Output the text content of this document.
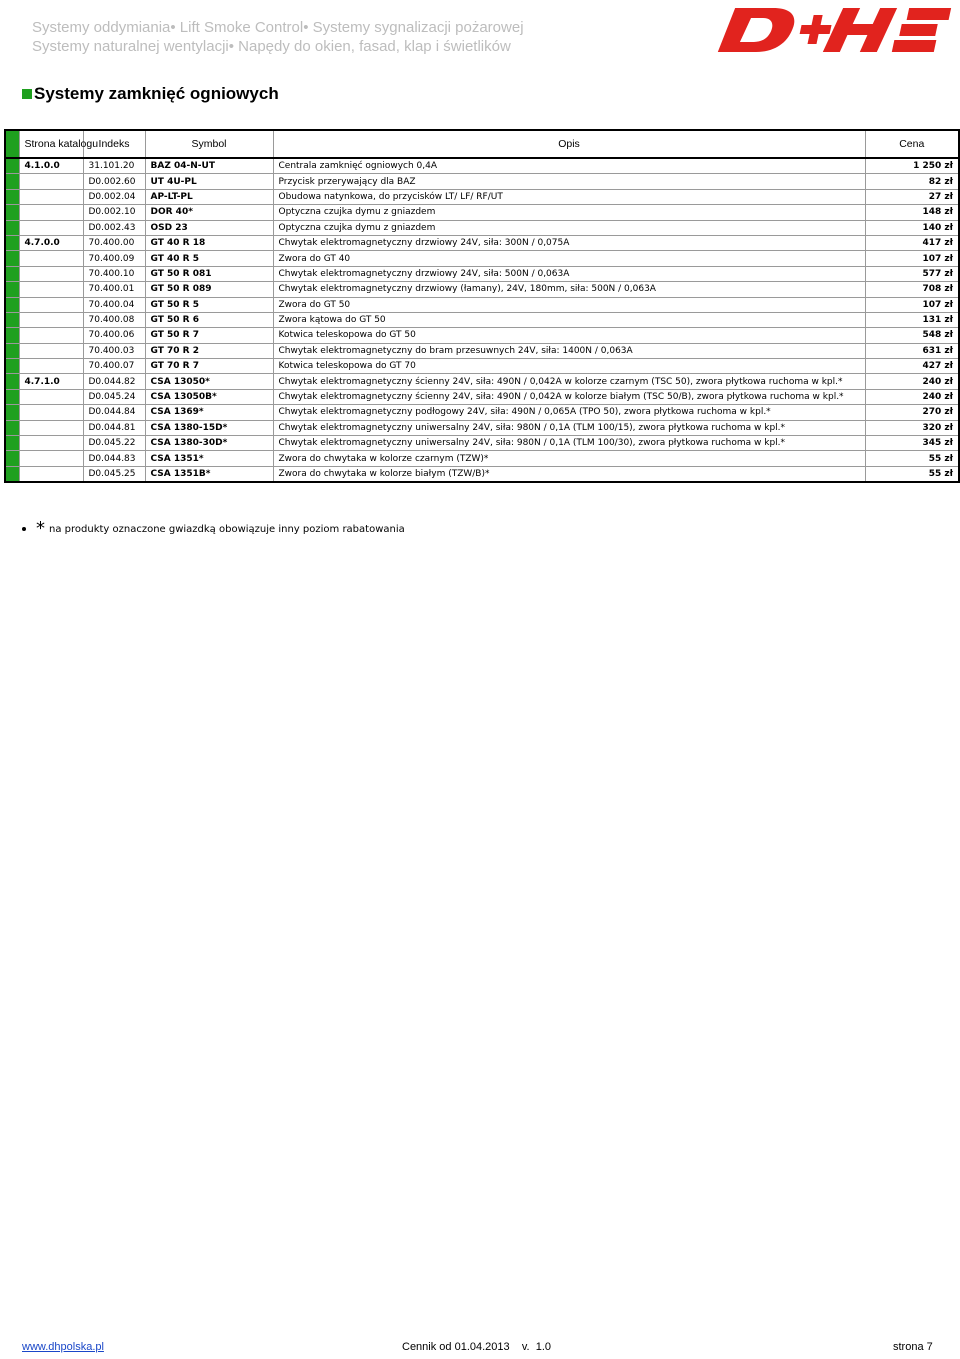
Systemy oddymiania• Lift Smoke Control• Systemy sygnalizacji pożarowej
Systemy naturalnej wentylacji• Napędy do okien, fasad, klap i świetlików
Systemy zamknięć ogniowych
	Strona katalogu	Indeks	Symbol	Opis	Cena
	4.1.0.0	31.101.20	BAZ 04-N-UT	Centrala zamknięć ogniowych 0,4A	1 250 zł
		D0.002.60	UT 4U-PL	Przycisk przerywający dla BAZ	82 zł
		D0.002.04	AP-LT-PL	Obudowa natynkowa, do przycisków LT/ LF/ RF/UT	27 zł
		D0.002.10	DOR 40*	Optyczna czujka dymu z gniazdem	148 zł
		D0.002.43	OSD 23	Optyczna czujka dymu z gniazdem	140 zł
	4.7.0.0	70.400.00	GT 40 R 18	Chwytak elektromagnetyczny drzwiowy 24V, siła: 300N / 0,075A	417 zł
		70.400.09	GT 40 R 5	Zwora do GT 40	107 zł
		70.400.10	GT 50 R 081	Chwytak elektromagnetyczny drzwiowy 24V, siła: 500N / 0,063A	577 zł
		70.400.01	GT 50 R 089	Chwytak elektromagnetyczny drzwiowy (łamany), 24V, 180mm, siła: 500N / 0,063A	708 zł
		70.400.04	GT 50 R 5	Zwora do GT 50	107 zł
		70.400.08	GT 50 R 6	Zwora kątowa do GT 50	131 zł
		70.400.06	GT 50 R 7	Kotwica teleskopowa do GT 50	548 zł
		70.400.03	GT 70 R 2	Chwytak elektromagnetyczny do bram przesuwnych 24V, siła: 1400N / 0,063A	631 zł
		70.400.07	GT 70 R 7	Kotwica teleskopowa do GT 70	427 zł
	4.7.1.0	D0.044.82	CSA 13050*	Chwytak elektromagnetyczny ścienny 24V, siła: 490N / 0,042A w kolorze czarnym (TSC 50), zwora płytkowa ruchoma w kpl.*	240 zł
		D0.045.24	CSA 13050B*	Chwytak elektromagnetyczny ścienny 24V, siła: 490N / 0,042A w kolorze białym (TSC 50/B), zwora płytkowa ruchoma w kpl.*	240 zł
		D0.044.84	CSA 1369*	Chwytak elektromagnetyczny podłogowy 24V, siła: 490N / 0,065A (TPO 50), zwora płytkowa ruchoma w kpl.*	270 zł
		D0.044.81	CSA 1380-15D*	Chwytak elektromagnetyczny uniwersalny 24V, siła: 980N / 0,1A (TLM 100/15), zwora płytkowa ruchoma w kpl.*	320 zł
		D0.045.22	CSA 1380-30D*	Chwytak elektromagnetyczny uniwersalny 24V, siła: 980N / 0,1A (TLM 100/30), zwora płytkowa ruchoma w kpl.*	345 zł
		D0.044.83	CSA 1351*	Zwora do chwytaka w kolorze czarnym (TZW)*	55 zł
		D0.045.25	CSA 1351B*	Zwora do chwytaka w kolorze białym (TZW/B)*	55 zł
* na produkty oznaczone gwiazdką obowiązuje inny poziom rabatowania
www.dhpolska.pl	Cennik od 01.04.2013    v.  1.0	strona 7
